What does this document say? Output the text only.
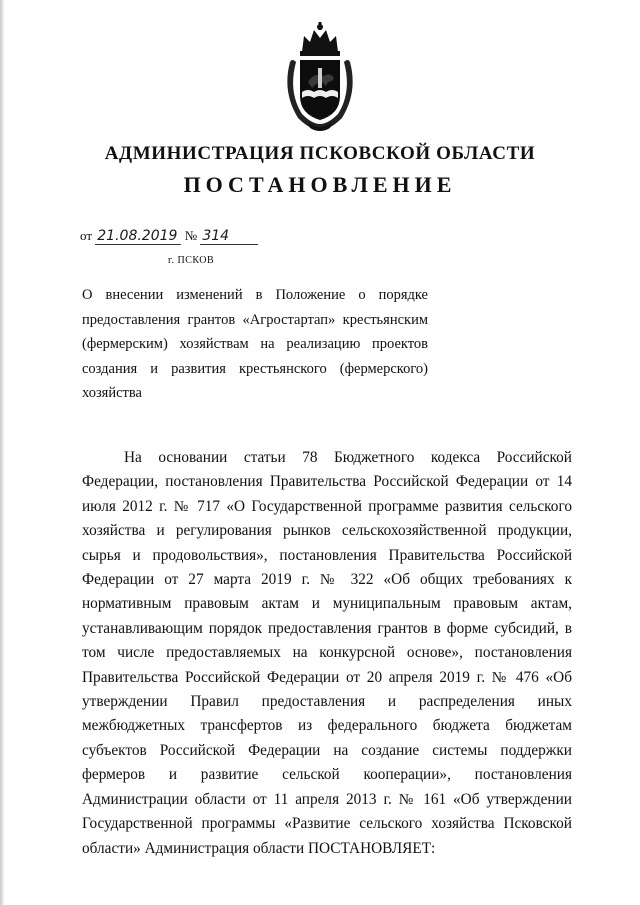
АДМИНИСТРАЦИЯ ПСКОВСКОЙ ОБЛАСТИ
ПОСТАНОВЛЕНИЕ
от 21.08.2019 № 314
г. ПСКОВ
О внесении изменений в Положение о порядке предоставления грантов «Агростартап» крестьянским (фермерским) хозяйствам на реализацию проектов создания и развития крестьянского (фермерского) хозяйства
На основании статьи 78 Бюджетного кодекса Российской Федерации, постановления Правительства Российской Федерации от 14 июля 2012 г. № 717 «О Государственной программе развития сельского хозяйства и регулирования рынков сельскохозяйственной продукции, сырья и продовольствия», постановления Правительства Российской Федерации от 27 марта 2019 г. № 322 «Об общих требованиях к нормативным правовым актам и муниципальным правовым актам, устанавливающим порядок предоставления грантов в форме субсидий, в том числе предоставляемых на конкурсной основе», постановления Правительства Российской Федерации от 20 апреля 2019 г. № 476 «Об утверждении Правил предоставления и распределения иных межбюджетных трансфертов из федерального бюджета бюджетам субъектов Российской Федерации на создание системы поддержки фермеров и развитие сельской кооперации», постановления Администрации области от 11 апреля 2013 г. № 161 «Об утверждении Государственной программы «Развитие сельского хозяйства Псковской области» Администрация области ПОСТАНОВЛЯЕТ:
